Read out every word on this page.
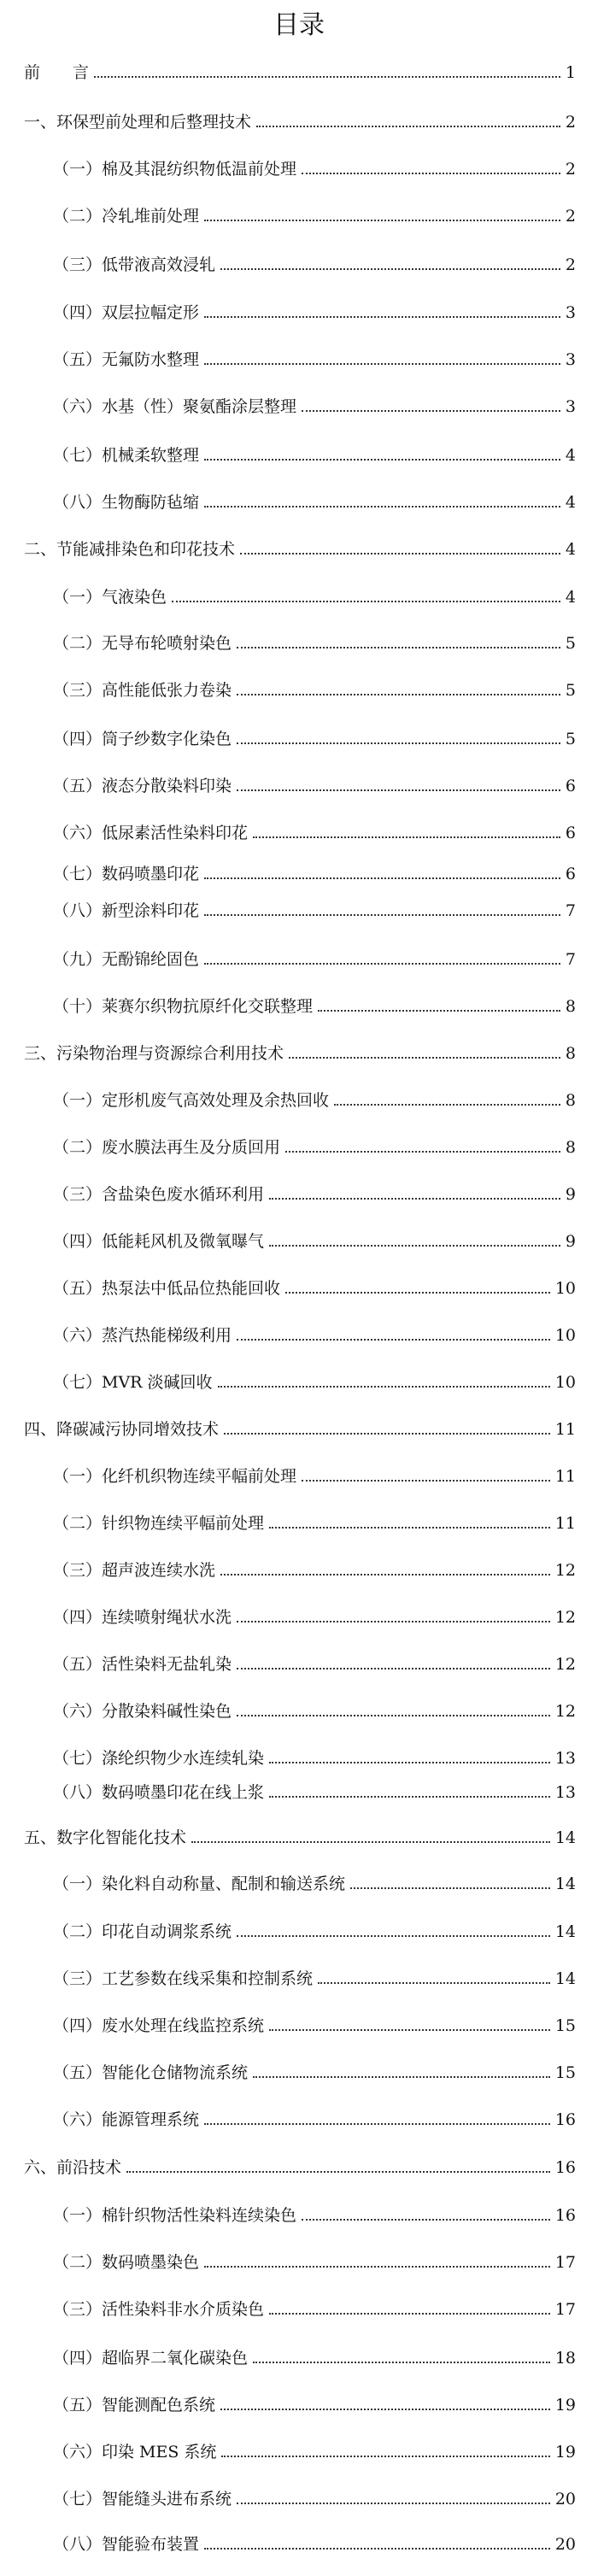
目录
前　　言	1
一、环保型前处理和后整理技术	2
（一）棉及其混纺织物低温前处理	2
（二）冷轧堆前处理	2
（三）低带液高效浸轧	2
（四）双层拉幅定形	3
（五）无氟防水整理	3
（六）水基（性）聚氨酯涂层整理	3
（七）机械柔软整理	4
（八）生物酶防毡缩	4
二、节能减排染色和印花技术	4
（一）气液染色	4
（二）无导布轮喷射染色	5
（三）高性能低张力卷染	5
（四）筒子纱数字化染色	5
（五）液态分散染料印染	6
（六）低尿素活性染料印花	6
（七）数码喷墨印花	6
（八）新型涂料印花	7
（九）无酚锦纶固色	7
（十）莱赛尔织物抗原纤化交联整理	8
三、污染物治理与资源综合利用技术	8
（一）定形机废气高效处理及余热回收	8
（二）废水膜法再生及分质回用	8
（三）含盐染色废水循环利用	9
（四）低能耗风机及微氧曝气	9
（五）热泵法中低品位热能回收	10
（六）蒸汽热能梯级利用	10
（七）MVR 淡碱回收	10
四、降碳减污协同增效技术	11
（一）化纤机织物连续平幅前处理	11
（二）针织物连续平幅前处理	11
（三）超声波连续水洗	12
（四）连续喷射绳状水洗	12
（五）活性染料无盐轧染	12
（六）分散染料碱性染色	12
（七）涤纶织物少水连续轧染	13
（八）数码喷墨印花在线上浆	13
五、数字化智能化技术	14
（一）染化料自动称量、配制和输送系统	14
（二）印花自动调浆系统	14
（三）工艺参数在线采集和控制系统	14
（四）废水处理在线监控系统	15
（五）智能化仓储物流系统	15
（六）能源管理系统	16
六、前沿技术	16
（一）棉针织物活性染料连续染色	16
（二）数码喷墨染色	17
（三）活性染料非水介质染色	17
（四）超临界二氧化碳染色	18
（五）智能测配色系统	19
（六）印染 MES 系统	19
（七）智能缝头进布系统	20
（八）智能验布装置	20
